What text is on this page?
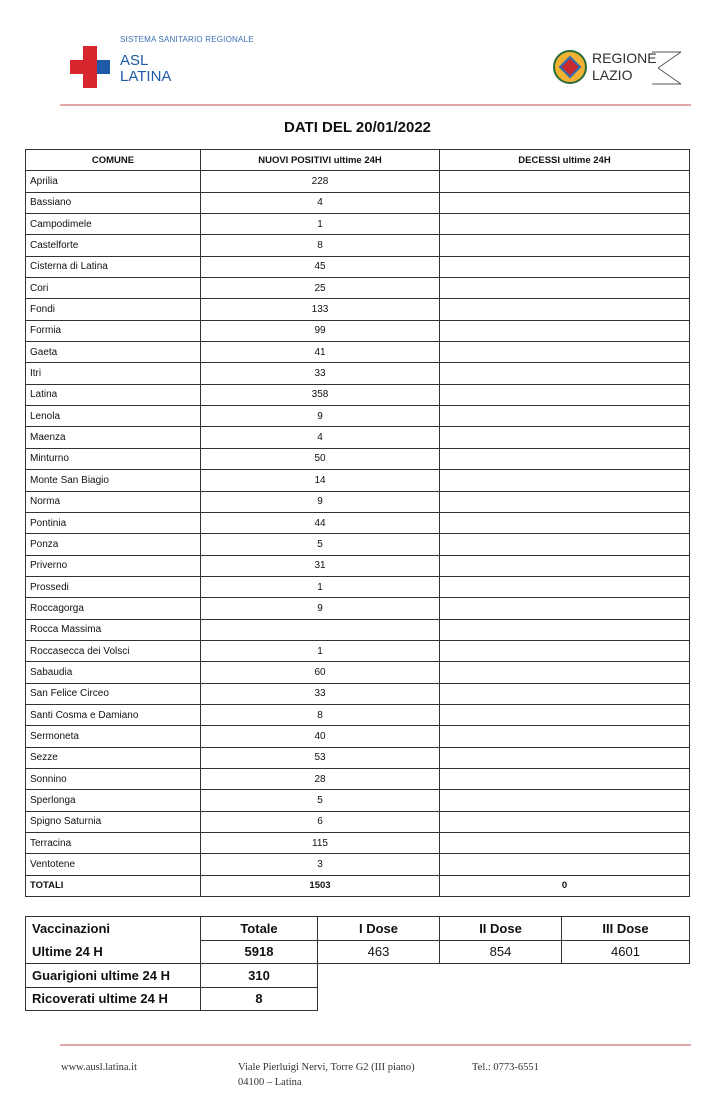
SISTEMA SANITARIO REGIONALE
ASL
LATINA
REGIONE
LAZIO
DATI DEL 20/01/2022
COMUNE	NUOVI POSITIVI ultime 24H	DECESSI ultime 24H
Aprilia	228	
Bassiano	4	
Campodimele	1	
Castelforte	8	
Cisterna di Latina	45	
Cori	25	
Fondi	133	
Formia	99	
Gaeta	41	
Itri	33	
Latina	358	
Lenola	9	
Maenza	4	
Minturno	50	
Monte San Biagio	14	
Norma	9	
Pontinia	44	
Ponza	5	
Priverno	31	
Prossedi	1	
Roccagorga	9	
Rocca Massima		
Roccasecca dei Volsci	1	
Sabaudia	60	
San Felice Circeo	33	
Santi Cosma e Damiano	8	
Sermoneta	40	
Sezze	53	
Sonnino	28	
Sperlonga	5	
Spigno Saturnia	6	
Terracina	115	
Ventotene	3	
TOTALI	1503	0
Vaccinazioni	Totale	I Dose	II Dose	III Dose
Ultime 24 H	5918	463	854	4601
Guarigioni ultime 24 H	310			
Ricoverati ultime 24 H	8			
www.ausl.latina.it	Viale Pierluigi Nervi, Torre G2 (III piano)
04100 – Latina
Tel.: 0773-6551
